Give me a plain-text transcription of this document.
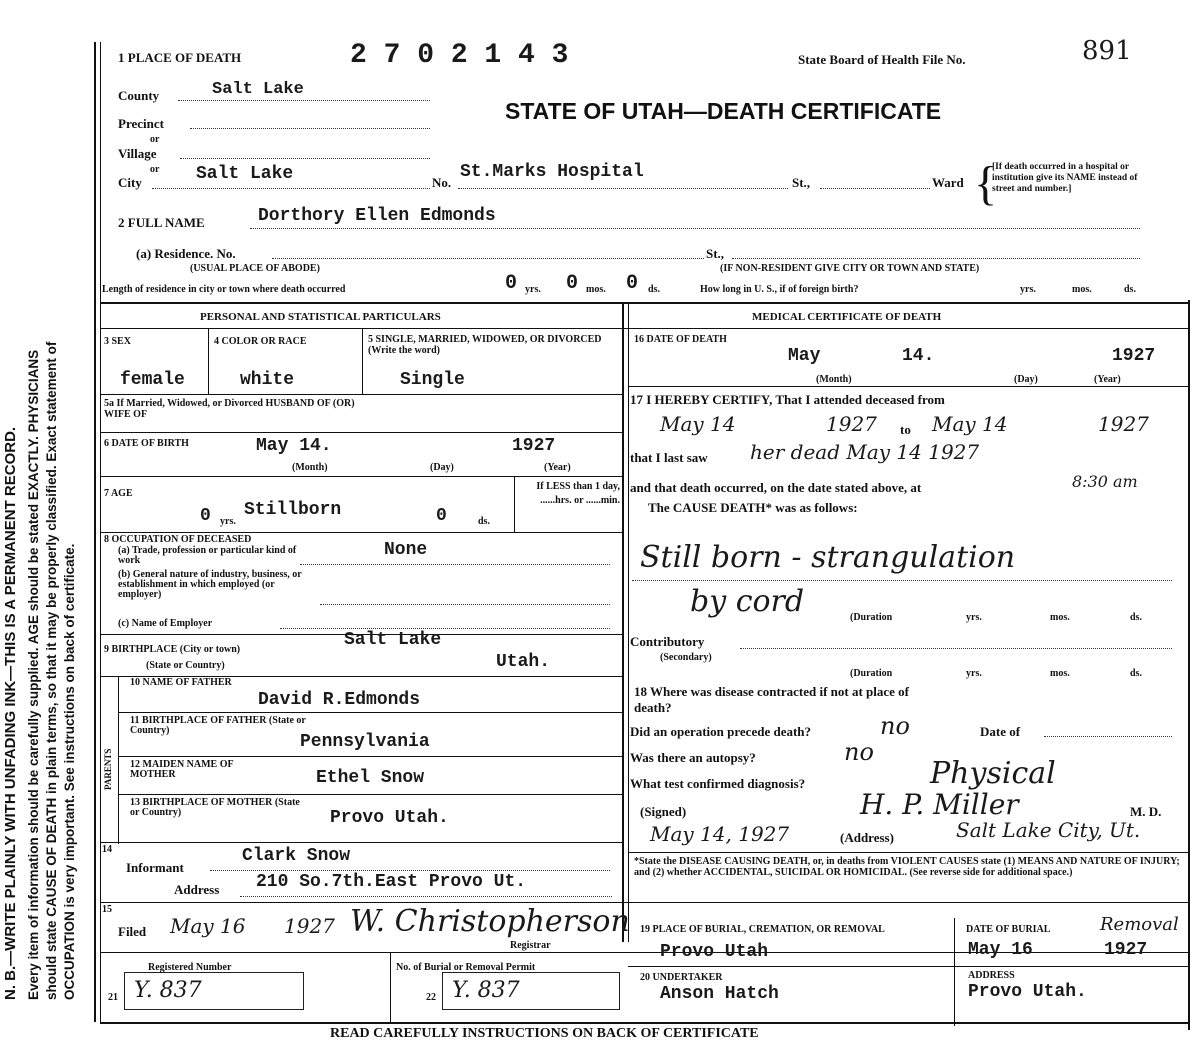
N. B.—WRITE PLAINLY WITH UNFADING INK—THIS IS A PERMANENT RECORD. Every item of information should be carefully supplied. AGE should be stated EXACTLY. PHYSICIANS should state CAUSE OF DEATH in plain terms, so that it may be properly classified. Exact statement of OCCUPATION is very important. See instructions on back of certificate.
1 PLACE OF DEATH	2 7 0 2 1 4 3	State Board of Health File No.	891
STATE OF UTAH—DEATH CERTIFICATE
County	Salt Lake
Precinct
or
Village
or
City	Salt Lake	No.
St.Marks Hospital
St.,	Ward {
[If death occurred in a hospital or institution give its NAME instead of street and number.]
2 FULL NAME	Dorthory Ellen Edmonds
(a) Residence. No.	St.,
(USUAL PLACE OF ABODE)	(IF NON-RESIDENT GIVE CITY OR TOWN AND STATE)
Length of residence in city or town where death occurred	0 yrs. 0 mos. 0 ds.	How long in U. S., if of foreign birth?	yrs.	mos.	ds.
PERSONAL AND STATISTICAL PARTICULARS	MEDICAL CERTIFICATE OF DEATH
3 SEX	4 COLOR OR RACE	5 SINGLE, MARRIED, WIDOWED, OR DIVORCED (Write the word)
female	white	Single
5a If Married, Widowed, or Divorced HUSBAND OF (OR) WIFE OF
6 DATE OF BIRTH	May 14.	1927
(Month)	(Day)	(Year)
7 AGE
0 yrs.
Stillborn	0	ds.
If LESS than 1 day, ......hrs. or ......min.
8 OCCUPATION OF DECEASED
(a) Trade, profession or particular kind of work
None
(b) General nature of industry, business, or establishment in which employed (or employer)
(c) Name of Employer
9 BIRTHPLACE (City or town)	Salt Lake
(State or Country)	Utah.
PARENTS
10 NAME OF FATHER
David R.Edmonds
11 BIRTHPLACE OF FATHER (State or Country)
Pennsylvania
12 MAIDEN NAME OF MOTHER	Ethel Snow
13 BIRTHPLACE OF MOTHER (State or Country)	Provo Utah.
14
Informant
Clark Snow
Address 210 So.7th.East Provo Ut.
15
Filed May 16 1927 W. Christopherson
Registrar
Registered Number
21 Y. 837
No. of Burial or Removal Permit
22 Y. 837
16 DATE OF DEATH
May	14.	1927
(Month)	(Day)	(Year)
17 I HEREBY CERTIFY, That I attended deceased from
May 14	1927 to May 14	1927
that I last saw her dead May 14 1927
and that death occurred, on the date stated above, at	8:30 am
The CAUSE DEATH* was as follows:
Still born - strangulation
by cord	(Duration	yrs.	mos.	ds.
Contributory
(Secondary)
(Duration	yrs.	mos.	ds.
18 Where was disease contracted if not at place of death?
Did an operation precede death?	no	Date of
Was there an autopsy?	no
What test confirmed diagnosis?	Physical
(Signed)	H. P. Miller	M. D.
May 14, 1927	(Address)	Salt Lake City, Ut.
*State the DISEASE CAUSING DEATH, or, in deaths from VIOLENT CAUSES state (1) MEANS AND NATURE OF INJURY; and (2) whether ACCIDENTAL, SUICIDAL OR HOMICIDAL. (See reverse side for additional space.)
19 PLACE OF BURIAL, CREMATION, OR REMOVAL
Provo Utah
DATE OF BURIAL	Removal
May 16	1927
20 UNDERTAKER
Anson Hatch
ADDRESS
Provo Utah.
READ CAREFULLY INSTRUCTIONS ON BACK OF CERTIFICATE
